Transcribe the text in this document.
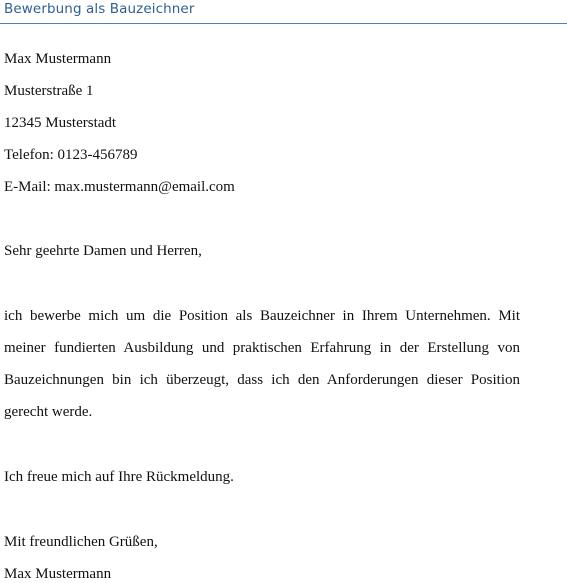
Bewerbung als Bauzeichner
Max Mustermann
Musterstraße 1
12345 Musterstadt
Telefon: 0123-456789
E-Mail: max.mustermann@email.com
Sehr geehrte Damen und Herren,
ich bewerbe mich um die Position als Bauzeichner in Ihrem Unternehmen. Mit
meiner fundierten Ausbildung und praktischen Erfahrung in der Erstellung von
Bauzeichnungen bin ich überzeugt, dass ich den Anforderungen dieser Position
gerecht werde.
Ich freue mich auf Ihre Rückmeldung.
Mit freundlichen Grüßen,
Max Mustermann
